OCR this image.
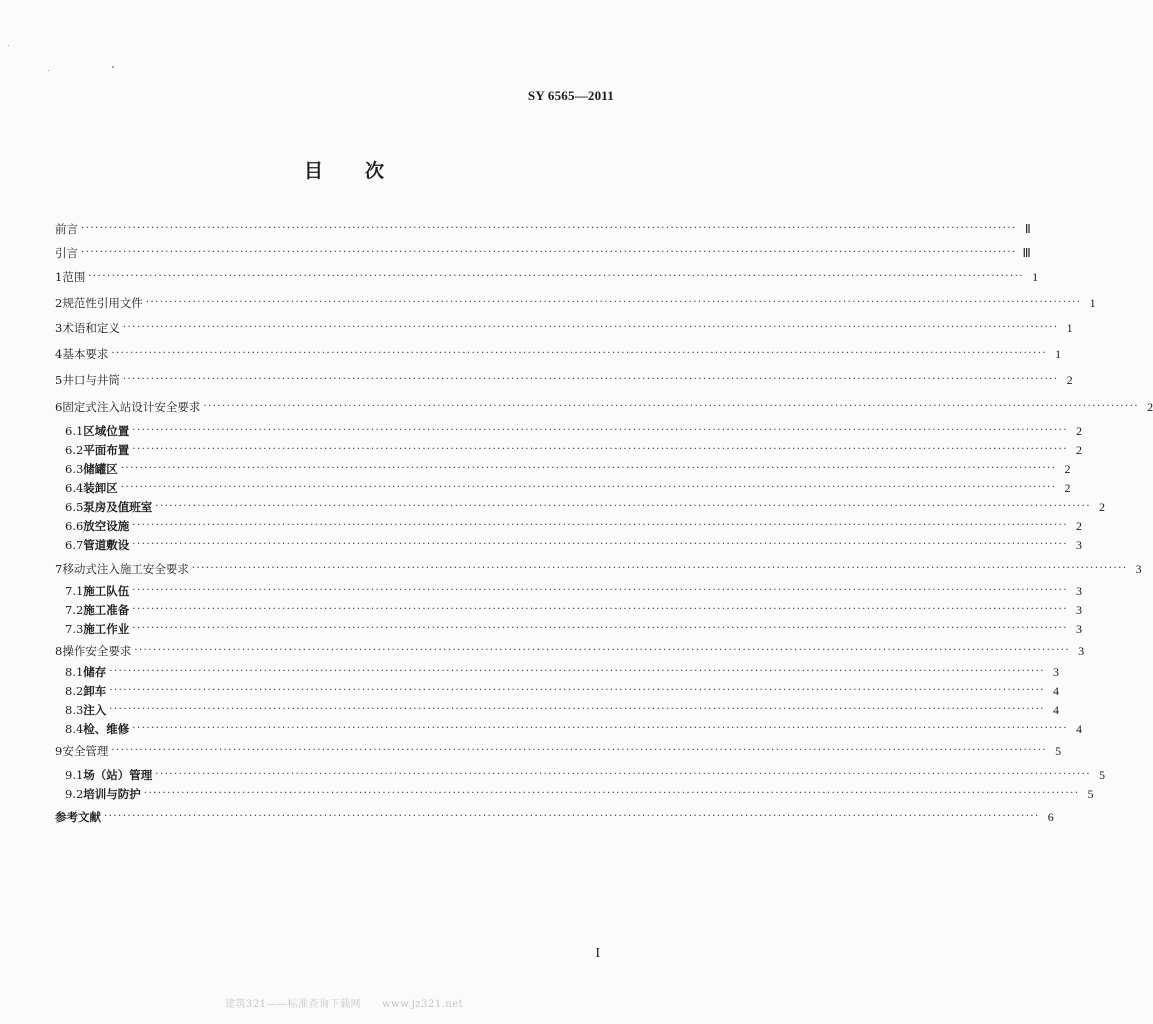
SY 6565—2011
目次
前言 ········································································································································································································ Ⅱ
引言 ········································································································································································································ Ⅲ
1 范围 ········································································································································································································ 1
2 规范性引用文件 ········································································································································································································ 1
3 术语和定义 ········································································································································································································ 1
4 基本要求 ········································································································································································································ 1
5 井口与井筒 ········································································································································································································ 2
6 固定式注入站设计安全要求 ········································································································································································································ 2
6.1 区域位置 ········································································································································································································ 2
6.2 平面布置 ········································································································································································································ 2
6.3 储罐区 ········································································································································································································ 2
6.4 装卸区 ········································································································································································································ 2
6.5 泵房及值班室 ········································································································································································································ 2
6.6 放空设施 ········································································································································································································ 2
6.7 管道敷设 ········································································································································································································ 3
7 移动式注入施工安全要求 ········································································································································································································ 3
7.1 施工队伍 ········································································································································································································ 3
7.2 施工准备 ········································································································································································································ 3
7.3 施工作业 ········································································································································································································ 3
8 操作安全要求 ········································································································································································································ 3
8.1 储存 ········································································································································································································ 3
8.2 卸车 ········································································································································································································ 4
8.3 注入 ········································································································································································································ 4
8.4 检、维修 ········································································································································································································ 4
9 安全管理 ········································································································································································································ 5
9.1 场（站）管理 ········································································································································································································ 5
9.2 培训与防护 ········································································································································································································ 5
参考文献 ········································································································································································································ 6
I
建筑321——标准查询下载网　　www.jz321.net
